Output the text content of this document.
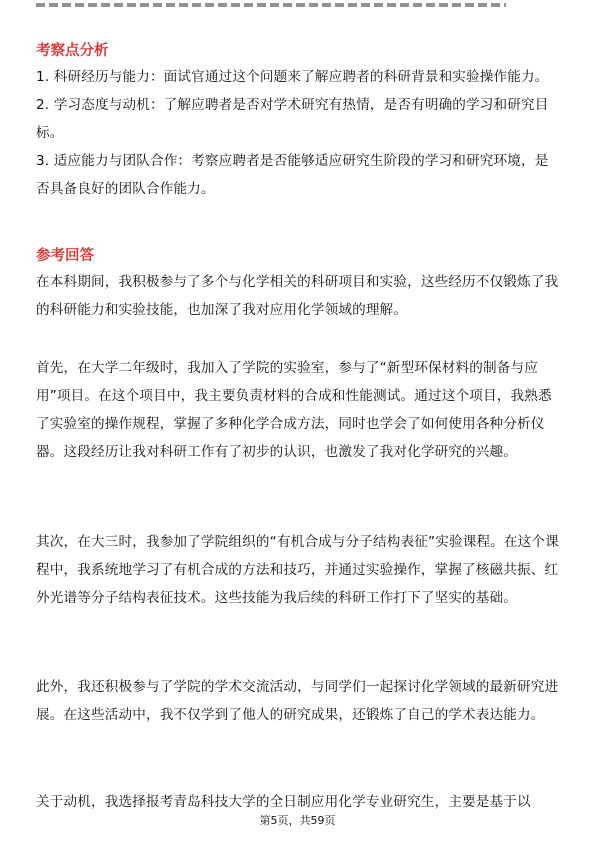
考察点分析

1. 科研经历与能力：面试官通过这个问题来了解应聘者的科研背景和实验操作能力。

2. 学习态度与动机：了解应聘者是否对学术研究有热情，是否有明确的学习和研究目标。

3. 适应能力与团队合作：考察应聘者是否能够适应研究生阶段的学习和研究环境，是否具备良好的团队合作能力。

参考回答

在本科期间，我积极参与了多个与化学相关的科研项目和实验，这些经历不仅锻炼了我的科研能力和实验技能，也加深了我对应用化学领域的理解。

首先，在大学二年级时，我加入了学院的实验室，参与了“新型环保材料的制备与应用”项目。在这个项目中，我主要负责材料的合成和性能测试。通过这个项目，我熟悉了实验室的操作规程，掌握了多种化学合成方法，同时也学会了如何使用各种分析仪器。这段经历让我对科研工作有了初步的认识，也激发了我对化学研究的兴趣。

其次，在大三时，我参加了学院组织的“有机合成与分子结构表征”实验课程。在这个课程中，我系统地学习了有机合成的方法和技巧，并通过实验操作，掌握了核磁共振、红外光谱等分子结构表征技术。这些技能为我后续的科研工作打下了坚实的基础。

此外，我还积极参与了学院的学术交流活动，与同学们一起探讨化学领域的最新研究进展。在这些活动中，我不仅学到了他人的研究成果，还锻炼了自己的学术表达能力。

关于动机，我选择报考青岛科技大学的全日制应用化学专业研究生，主要是基于以

第5页，共59页
